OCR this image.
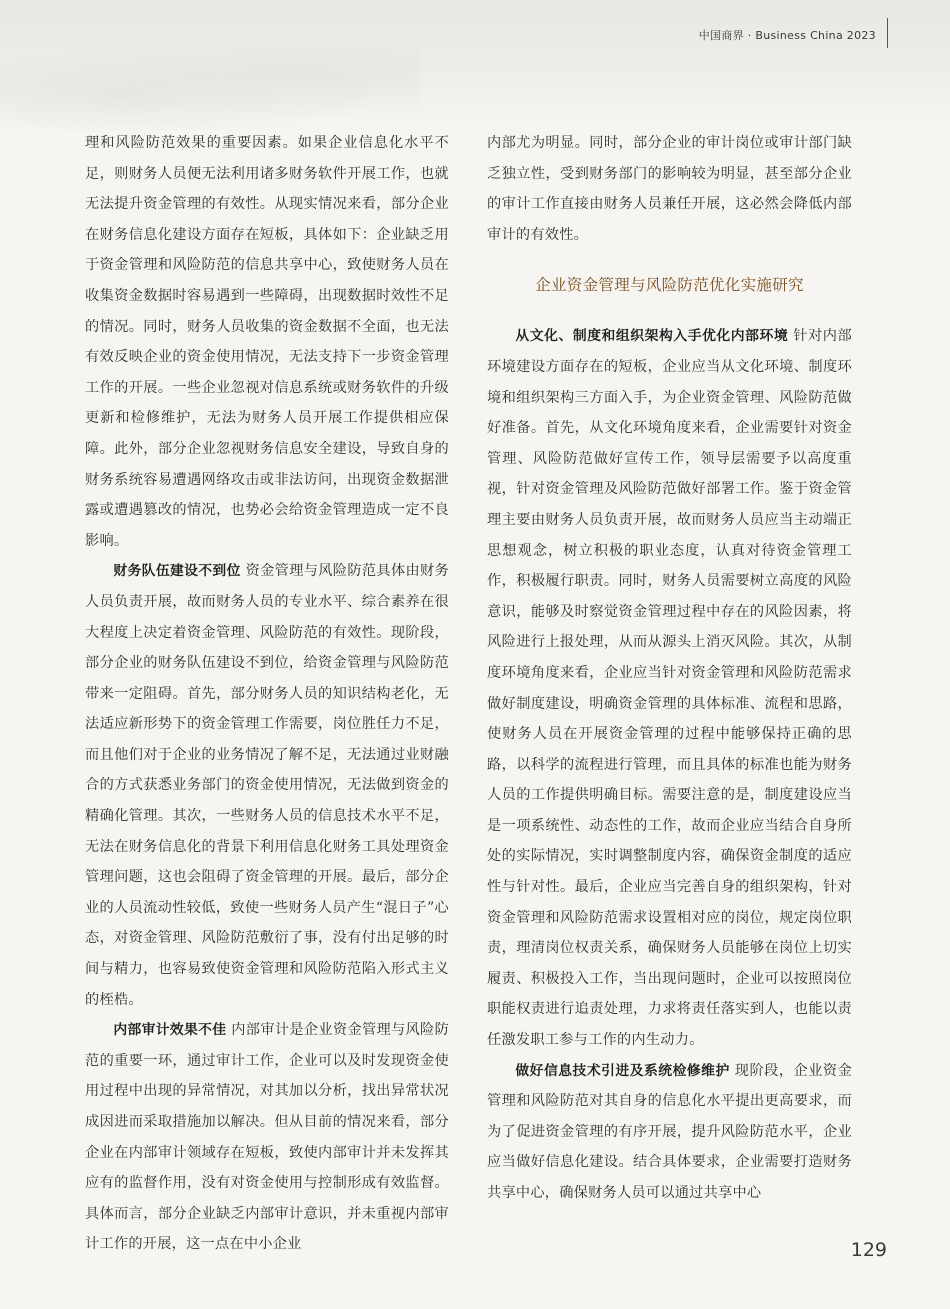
中国商界 · Business China 2023

理和风险防范效果的重要因素。如果企业信息化水平不足，则财务人员便无法利用诸多财务软件开展工作，也就无法提升资金管理的有效性。从现实情况来看，部分企业在财务信息化建设方面存在短板，具体如下：企业缺乏用于资金管理和风险防范的信息共享中心，致使财务人员在收集资金数据时容易遇到一些障碍，出现数据时效性不足的情况。同时，财务人员收集的资金数据不全面，也无法有效反映企业的资金使用情况，无法支持下一步资金管理工作的开展。一些企业忽视对信息系统或财务软件的升级更新和检修维护，无法为财务人员开展工作提供相应保障。此外，部分企业忽视财务信息安全建设，导致自身的财务系统容易遭遇网络攻击或非法访问，出现资金数据泄露或遭遇篡改的情况，也势必会给资金管理造成一定不良影响。

财务队伍建设不到位 资金管理与风险防范具体由财务人员负责开展，故而财务人员的专业水平、综合素养在很大程度上决定着资金管理、风险防范的有效性。现阶段，部分企业的财务队伍建设不到位，给资金管理与风险防范带来一定阻碍。首先，部分财务人员的知识结构老化，无法适应新形势下的资金管理工作需要，岗位胜任力不足，而且他们对于企业的业务情况了解不足，无法通过业财融合的方式获悉业务部门的资金使用情况，无法做到资金的精确化管理。其次，一些财务人员的信息技术水平不足，无法在财务信息化的背景下利用信息化财务工具处理资金管理问题，这也会阻碍了资金管理的开展。最后，部分企业的人员流动性较低，致使一些财务人员产生“混日子”心态，对资金管理、风险防范敷衍了事，没有付出足够的时间与精力，也容易致使资金管理和风险防范陷入形式主义的桎梏。

内部审计效果不佳 内部审计是企业资金管理与风险防范的重要一环，通过审计工作，企业可以及时发现资金使用过程中出现的异常情况，对其加以分析，找出异常状况成因进而采取措施加以解决。但从目前的情况来看，部分企业在内部审计领域存在短板，致使内部审计并未发挥其应有的监督作用，没有对资金使用与控制形成有效监督。具体而言，部分企业缺乏内部审计意识，并未重视内部审计工作的开展，这一点在中小企业

内部尤为明显。同时，部分企业的审计岗位或审计部门缺乏独立性，受到财务部门的影响较为明显，甚至部分企业的审计工作直接由财务人员兼任开展，这必然会降低内部审计的有效性。

企业资金管理与风险防范优化实施研究

从文化、制度和组织架构入手优化内部环境 针对内部环境建设方面存在的短板，企业应当从文化环境、制度环境和组织架构三方面入手，为企业资金管理、风险防范做好准备。首先，从文化环境角度来看，企业需要针对资金管理、风险防范做好宣传工作，领导层需要予以高度重视，针对资金管理及风险防范做好部署工作。鉴于资金管理主要由财务人员负责开展，故而财务人员应当主动端正思想观念，树立积极的职业态度，认真对待资金管理工作，积极履行职责。同时，财务人员需要树立高度的风险意识，能够及时察觉资金管理过程中存在的风险因素，将风险进行上报处理，从而从源头上消灭风险。其次，从制度环境角度来看，企业应当针对资金管理和风险防范需求做好制度建设，明确资金管理的具体标准、流程和思路，使财务人员在开展资金管理的过程中能够保持正确的思路，以科学的流程进行管理，而且具体的标准也能为财务人员的工作提供明确目标。需要注意的是，制度建设应当是一项系统性、动态性的工作，故而企业应当结合自身所处的实际情况，实时调整制度内容，确保资金制度的适应性与针对性。最后，企业应当完善自身的组织架构，针对资金管理和风险防范需求设置相对应的岗位，规定岗位职责，理清岗位权责关系，确保财务人员能够在岗位上切实履责、积极投入工作，当出现问题时，企业可以按照岗位职能权责进行追责处理，力求将责任落实到人，也能以责任激发职工参与工作的内生动力。

做好信息技术引进及系统检修维护 现阶段，企业资金管理和风险防范对其自身的信息化水平提出更高要求，而为了促进资金管理的有序开展，提升风险防范水平，企业应当做好信息化建设。结合具体要求，企业需要打造财务共享中心，确保财务人员可以通过共享中心

129
